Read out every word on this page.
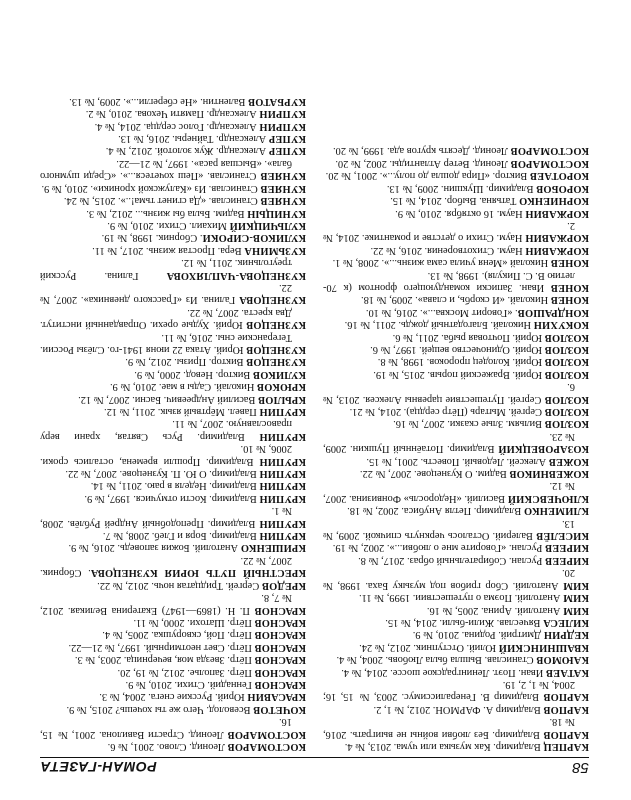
58
РОМАН-ГАЗЕТА

КАРПЕЦ Владимир. Как музыка или чума. 2013, № 4.

КАРПОВ Владимир. Без любви войны не выиграть. 2016, № 18.

КАРПОВ Владимир А. ФАРМОН. 2012, № 1, 2.

КАРПОВ Владимир В. Генералиссимус. 2003, № 15, 16; 2004, № 1, 2, 19.

КАТАЕВ Иван. Поэт. Ленинградское шоссе. 2014, № 4.

КАЮМОВ Станислав. Вышла была Любовь. 2004, № 4.

КВАШНИНСКИЙ Юлий. Отступник. 2012, № 24.

КЕДРИН Дмитрий. Родина. 2010, № 9.

КИЛЕСА Вячеслав. Жили-были. 2014, № 15.

КИМ Анатолий. Арина. 2005, № 16.

КИМ Анатолий. Поэма о путешествии. 1999, № 11.

КИМ Анатолий. Сбор грибов под музыку Баха. 1998, № 20.

КИРЕЕВ Руслан. Собирательный образ. 2017, № 8.

КИРЕЕВ Руслан. «Говорите мне о любви...». 2002, № 19.

КИСЕЛЁВ Валерий. Осталось черкнуть спичкой. 2009, № 13.

КЛИМЕНКО Владимир. Петля Анубиса. 2002, № 18.

КЛЮЧЕВСКИЙ Василий. «Недоросль» Фонвизина. 2007, № 12.

КОЖЕВНИКОВ Вадим. О Кузнецове. 2007, № 22.

КОЖЕВ Алексей. Ледовый. Повесть. 2001, № 15.

КОЗАРОВЕЦКИЙ Владимир. Потаённый Пушкин. 2009, № 23.

КОЗЛОВ Вильям. Злые сказки. 2007, № 16.

КОЗЛОВ Сергей. Мытарь (Пётр сердца). 2014, № 21.

КОЗЛОВ Сергей. Путешествие царевны Алексея. 2013, № 6.

КОЗЛОВ Юрий. Вражеский порыв. 2015, № 19.

КОЗЛОВ Юрий. Колодец пророков. 1998, № 8.

КОЗЛОВ Юрий. Одиночество вещей. 1997, № 6.

КОЗЛОВ Юрий. Почтовая рыба. 2011, № 6.

КОКУХИН Николай. Благодатный дождь. 2011, № 16.

КОНДРАШОВ. «Говорит Москва...». 2016, № 10.

КОНЕВ Николай. «И скорбь, и слава». 2009, № 18.

КОНЕВ Иван. Записки командующего фронтом (к 70-летию В. С. Пикуля). 1998, № 13.

КОНЕВ Николай «Меня учила сама жизнь...». 2008, № 1.

КОРЖАВИН Наум. Стихотворения. 2016, № 22.

КОРЖАВИН Наум. Стихи о детстве и романтике. 2014, № 2.

КОРЖАВИН Наум. 16 октября. 2010, № 9.

КОРНИЕНКО Татьяна. Выбор. 2014, № 15.

КОРОБОВ Владимир. Шукшин. 2009, № 13.

КОРОТАЕВ Виктор. «Пира дошла до полу...». 2001, № 20.

КОСТОМАРОВ Леонид. Ветер Атлантиды. 2002, № 20.

КОСТОМАРОВ Леонид. Десять кругов ада. 1999, № 20.

КОСТОМАРОВ Леонид. Слово. 2001, № 6.

КОСТОМАРОВ Леонид. Страсти Вавилона. 2001, № 15, 16.

КОЧЕТОВ Всеволод. Чего же ты хочешь? 2015, № 9.

КРАСАВИН Юрий. Русские снега. 2004, № 3.

КРАСНОВ Геннадий. Стихи. 2010, № 9.

КРАСНОВ Пётр. Заполье. 2012, № 19, 20.

КРАСНОВ Пётр. Звезда моя, вечерница. 2003, № 3.

КРАСНОВ Пётр. Свет неотмирный. 1997, № 21—22.

КРАСНОВ Пётр. Пой, скворушка. 2005, № 4.

КРАСНОВ Пётр. Шатохи. 2000, № 11.

КРАСНОВ П. Н. (1869—1947) Екатерина Великая. 2012, № 7, 8.

КРЕДОВ Сергей. Тридцатая ночь. 2012, № 22.

КРЕСТНЫЙ ПУТЬ ЮРИЯ КУЗНЕЦОВА. Сборник. 2007, № 22.

КРИШЕНКО Анатолий. Божия заповедь. 2016, № 9.

КРУПИН Владимир. Боря и Глеб. 2008, № 7.

КРУПИН Владимир. Преподобный Андрей Рублёв. 2008, № 1.

КРУПИН Владимир. Кости отмучися. 1997, № 9.

КРУПИН Владимир. Неделя в раю. 2011, № 14.

КРУПИН Владимир. О Ю. П. Кузнецове. 2007, № 22.

КРУПИН Владимир. Прошли времена, остались сроки. 2006, № 10.

КРУПИН Владимир. Русь Святая, храни веру православную. 2007, № 11.

КРУПИН Павел. Мёртвый язык. 2011, № 12.

КРЫЛОВ Василий Андреевич. Басни. 2007, № 12.

КРЮКОВ Николай. Сады в мае. 2010, № 9.

КУЛИКОВ Виктор. Невод. 2000, № 9.

КУЗНЕЦОВ Виктор. Призы. 2012, № 9.

КУЗНЕЦОВ Юрий. Атака 22 июня 1941-го. Слёзы России. Тегеранские сны. 2016, № 11.

КУЗНЕЦОВ Юрий. Худые орехи. Оправданный институт. Два креста. 2007, № 22.

КУЗНЕЦОВА Галина. Из «Грасского дневника». 2007, № 22.

КУЗНЕЦОВА-ЧАПЛЯХОВА Галина. Русский треугольник. 2011, № 12.

КУЗЬМИНА Вера. Простая жизнь. 2017, № 11.

КУЛИКОВ-СИРОКИ. Сборник. 1998, № 19.

КУЛЬЧИЦКИЙ Михаил. Стихи. 2010, № 9.

КУНИЦЫН Вадим. Была бы жизнь... 2012, № 3.

КУНЯЕВ Станислав. «Да сгинет тьма!..». 2015, № 24.

КУНЯЕВ Станислав. Из «Калужской хроники». 2010, № 9.

КУНЯЕВ Станислав. «Пеш хочетеся...». «Среди шумного бала». «Высшая раса». 1997, № 21—22.

КУПЕР Александр. Жук золотой. 2012, № 4.

КУПЕР Александр. Тайнеры. 2016, № 13.

КУПРИН Александр. Голос сердца. 2014, № 4.

КУПРИН Александр. Памяти Чехова. 2010, № 2.

КУРБАТОВ Валентин. «Не сберегли...». 2009, № 13.
